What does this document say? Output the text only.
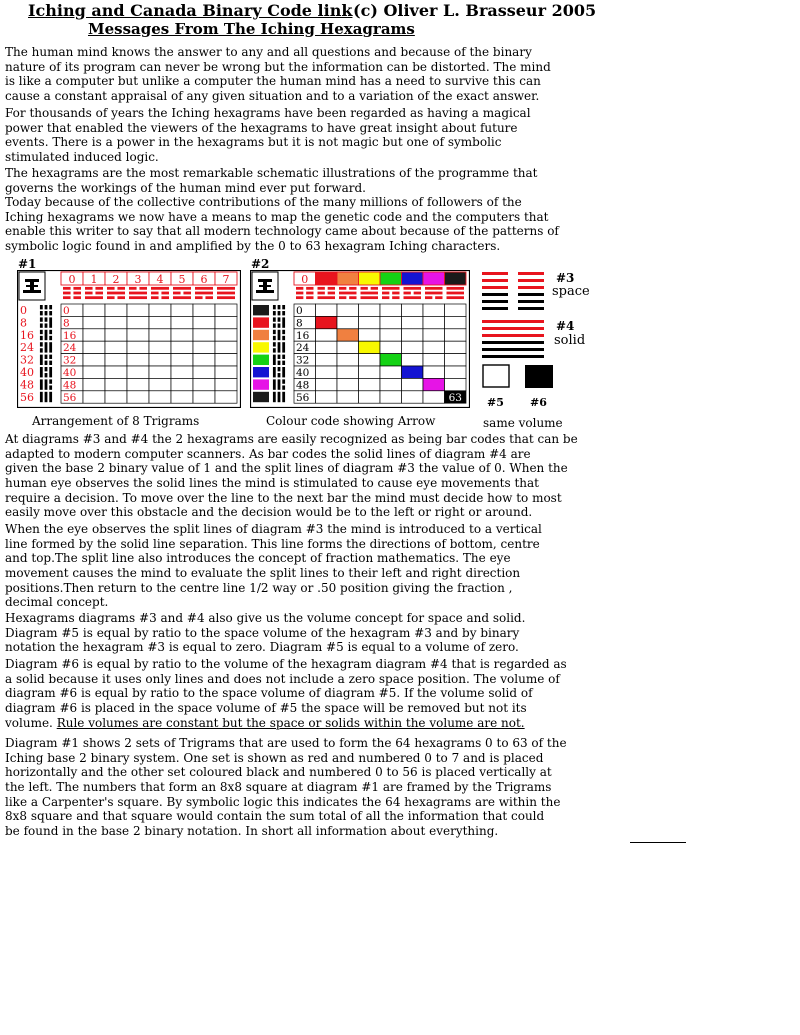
Iching and Canada Binary Code link (c) Oliver L. Brasseur 2005
Messages From The Iching Hexagrams
The human mind knows the answer to any and all questions and because of the binary
nature of its program can never be wrong but the information can be distorted. The mind
is like a computer but unlike a computer the human mind has a need to survive this can
cause a constant appraisal of any given situation and to a variation of the exact answer.
For thousands of years the Iching hexagrams have been regarded as having a magical
power that enabled the viewers of the hexagrams to have great insight about future
events. There is a power in the hexagrams but it is not magic but one of symbolic
stimulated induced logic.
The hexagrams are the most remarkable schematic illustrations of the programme that
governs the workings of the human mind ever put forward.
Today because of the collective contributions of the many millions of followers of the
Iching hexagrams we now have a means to map the genetic code and the computers that
enable this writer to say that all modern technology came about because of the patterns of
symbolic logic found in and amplified by the 0 to 63 hexagram Iching characters.
#1
0 1 2 3 4 5 6 7
0
8
16
24
32
40
48
56
0
8
16
24
32
40
48
56
Arrangement of 8 Trigrams
#2
0
0
8
16
24
32
40
48
56	63
Colour code showing Arrow
#3
space
#4
solid
#5 #6
same volume
At diagrams #3 and #4 the 2 hexagrams are easily recognized as being bar codes that can be
adapted to modern computer scanners. As bar codes the solid lines of diagram #4 are
given the base 2 binary value of 1 and the split lines of diagram #3 the value of 0. When the
human eye observes the solid lines the mind is stimulated to cause eye movements that
require a decision. To move over the line to the next bar the mind must decide how to most
easily move over this obstacle and the decision would be to the left or right or around.
When the eye observes the split lines of diagram #3 the mind is introduced to a vertical
line formed by the solid line separation. This line forms the directions of bottom, centre
and top.The split line also introduces the concept of fraction mathematics. The eye
movement causes the mind to evaluate the split lines to their left and right direction
positions.Then return to the centre line 1/2 way or .50 position giving the fraction ,
decimal concept.
Hexagrams diagrams #3 and #4 also give us the volume concept for space and solid.
Diagram #5 is equal by ratio to the space volume of the hexagram #3 and by binary
notation the hexagram #3 is equal to zero. Diagram #5 is equal to a volume of zero.
Diagram #6 is equal by ratio to the volume of the hexagram diagram #4 that is regarded as
a solid because it uses only lines and does not include a zero space position. The volume of
diagram #6 is equal by ratio to the space volume of diagram #5. If the volume solid of
diagram #6 is placed in the space volume of #5 the space will be removed but not its
volume. Rule volumes are constant but the space or solids within the volume are not.
Diagram #1 shows 2 sets of Trigrams that are used to form the 64 hexagrams 0 to 63 of the
Iching base 2 binary system. One set is shown as red and numbered 0 to 7 and is placed
horizontally and the other set coloured black and numbered 0 to 56 is placed vertically at
the left. The numbers that form an 8x8 square at diagram #1 are framed by the Trigrams
like a Carpenter's square. By symbolic logic this indicates the 64 hexagrams are within the
8x8 square and that square would contain the sum total of all the information that could
be found in the base 2 binary notation. In short all information about everything.
